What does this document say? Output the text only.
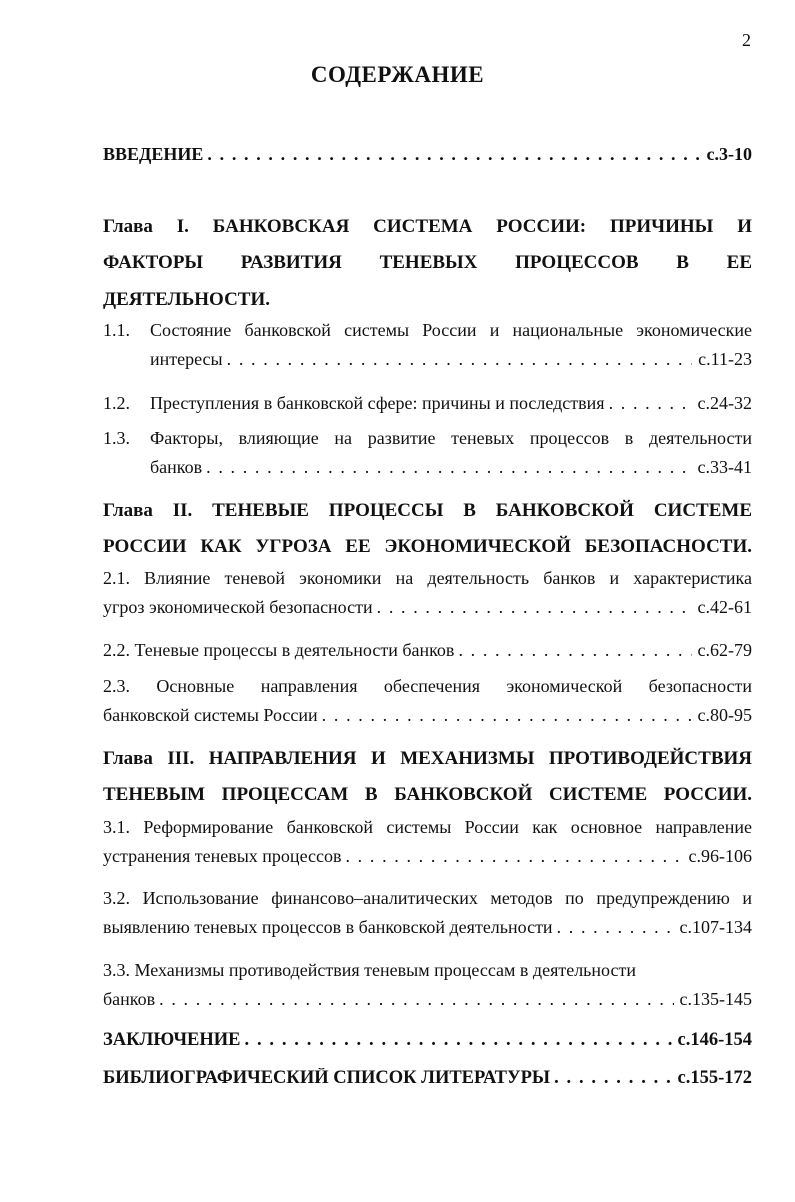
2
СОДЕРЖАНИЕ
ВВЕДЕНИЕ . . .	с.3-10
Глава I. БАНКОВСКАЯ СИСТЕМА РОССИИ: ПРИЧИНЫ И
ФАКТОРЫ РАЗВИТИЯ ТЕНЕВЫХ ПРОЦЕССОВ В ЕЕ
ДЕЯТЕЛЬНОСТИ.
1.1.	Состояние банковской системы России и национальные экономические
интересы . . .	с.11-23
1.2.	Преступления в банковской сфере: причины и последствия . . .	с.24-32
1.3.	Факторы, влияющие на развитие теневых процессов в деятельности
банков . . .	с.33-41
Глава II. ТЕНЕВЫЕ ПРОЦЕССЫ В БАНКОВСКОЙ СИСТЕМЕ
РОССИИ КАК УГРОЗА ЕЕ ЭКОНОМИЧЕСКОЙ БЕЗОПАСНОСТИ.
2.1. Влияние теневой экономики на деятельность банков и характеристика
угроз экономической безопасности . . .	с.42-61
2.2. Теневые процессы в деятельности банков . . .	с.62-79
2.3. Основные направления обеспечения экономической безопасности
банковской системы России . . .	с.80-95
Глава III. НАПРАВЛЕНИЯ И МЕХАНИЗМЫ ПРОТИВОДЕЙСТВИЯ
ТЕНЕВЫМ ПРОЦЕССАМ В БАНКОВСКОЙ СИСТЕМЕ РОССИИ.
3.1. Реформирование банковской системы России как основное направление
устранения теневых процессов . . .	с.96-106
3.2. Использование финансово–аналитических методов по предупреждению и
выявлению теневых процессов в банковской деятельности . . .	с.107-134
3.3. Механизмы противодействия теневым процессам в деятельности
банков . . .	с.135-145
ЗАКЛЮЧЕНИЕ . . .	с.146-154
БИБЛИОГРАФИЧЕСКИЙ СПИСОК ЛИТЕРАТУРЫ . . .	с.155-172
